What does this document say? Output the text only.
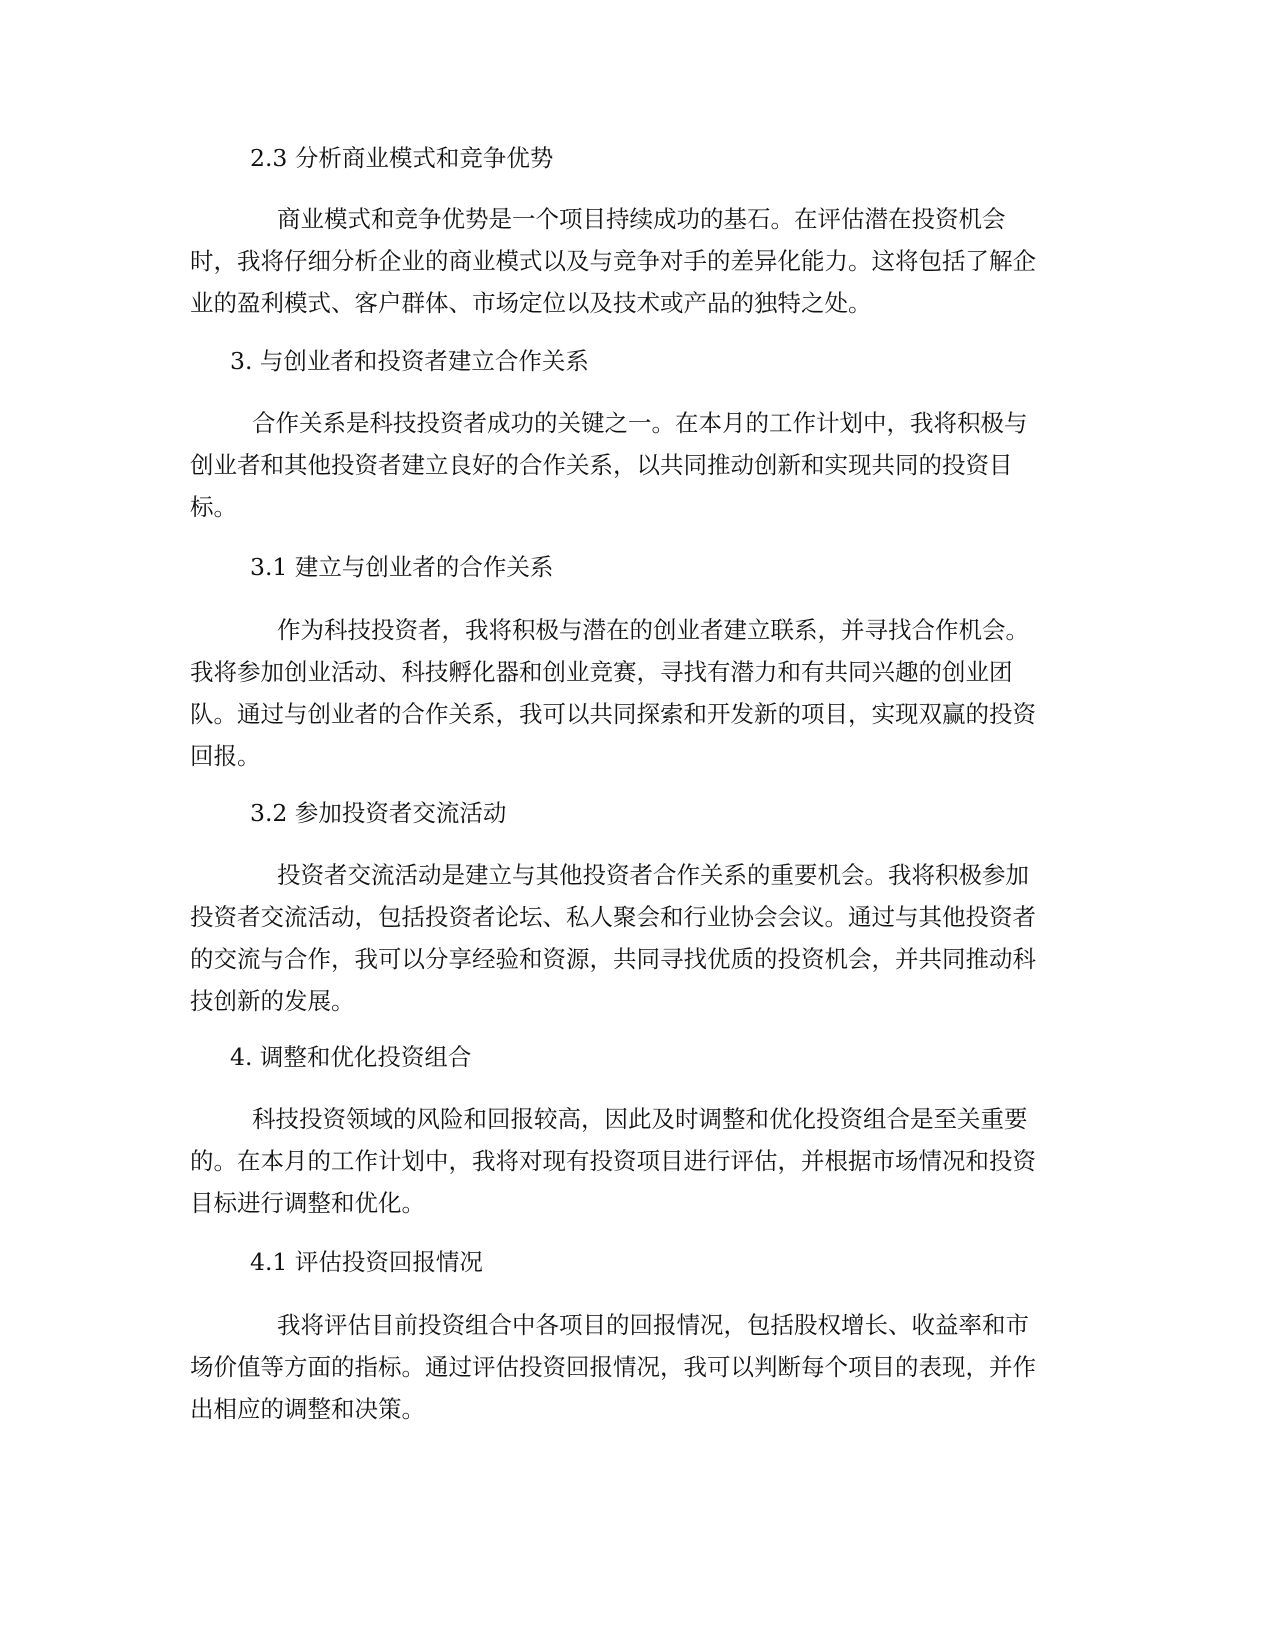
2.3 分析商业模式和竞争优势

商业模式和竞争优势是一个项目持续成功的基石。在评估潜在投资机会
时，我将仔细分析企业的商业模式以及与竞争对手的差异化能力。这将包括了解企
业的盈利模式、客户群体、市场定位以及技术或产品的独特之处。

3. 与创业者和投资者建立合作关系

合作关系是科技投资者成功的关键之一。在本月的工作计划中，我将积极与
创业者和其他投资者建立良好的合作关系，以共同推动创新和实现共同的投资目
标。

3.1 建立与创业者的合作关系

作为科技投资者，我将积极与潜在的创业者建立联系，并寻找合作机会。
我将参加创业活动、科技孵化器和创业竞赛，寻找有潜力和有共同兴趣的创业团
队。通过与创业者的合作关系，我可以共同探索和开发新的项目，实现双赢的投资
回报。

3.2 参加投资者交流活动

投资者交流活动是建立与其他投资者合作关系的重要机会。我将积极参加
投资者交流活动，包括投资者论坛、私人聚会和行业协会会议。通过与其他投资者
的交流与合作，我可以分享经验和资源，共同寻找优质的投资机会，并共同推动科
技创新的发展。

4. 调整和优化投资组合

科技投资领域的风险和回报较高，因此及时调整和优化投资组合是至关重要
的。在本月的工作计划中，我将对现有投资项目进行评估，并根据市场情况和投资
目标进行调整和优化。

4.1 评估投资回报情况

我将评估目前投资组合中各项目的回报情况，包括股权增长、收益率和市
场价值等方面的指标。通过评估投资回报情况，我可以判断每个项目的表现，并作
出相应的调整和决策。
